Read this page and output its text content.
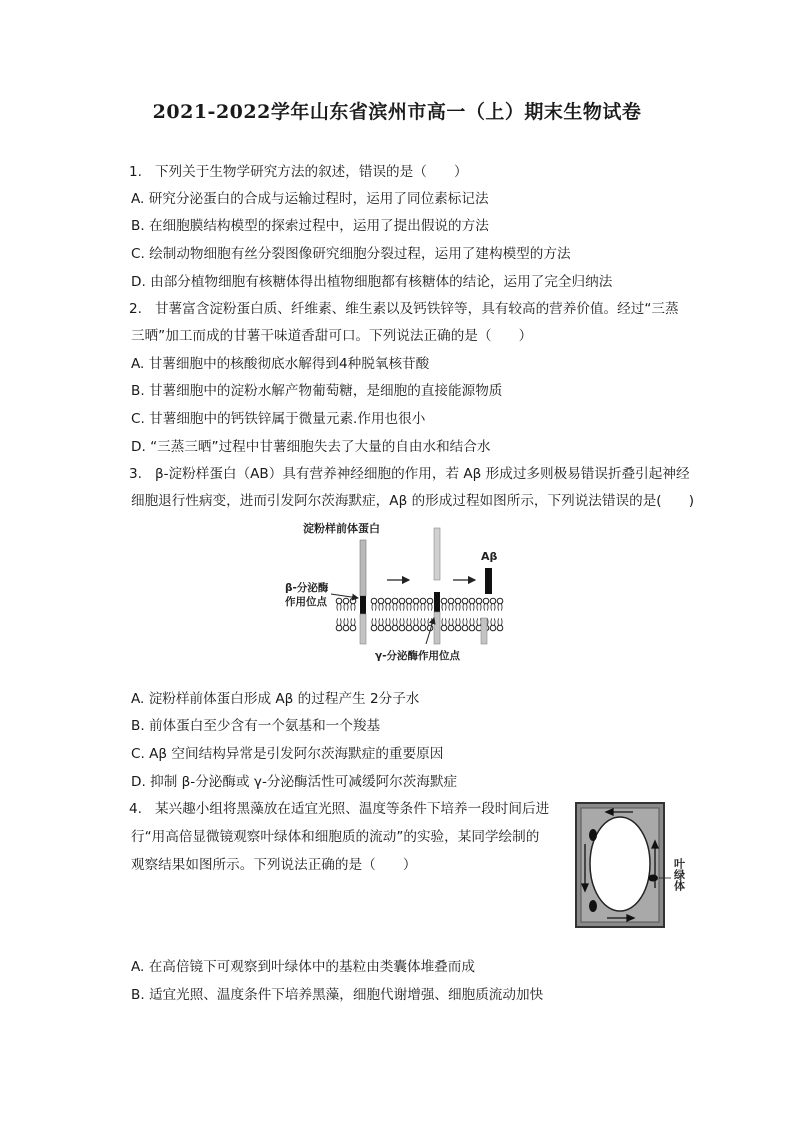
2021-2022学年山东省滨州市高一（上）期末生物试卷
1. 下列关于生物学研究方法的叙述，错误的是（　　）
A. 研究分泌蛋白的合成与运输过程时，运用了同位素标记法
B. 在细胞膜结构模型的探索过程中，运用了提出假说的方法
C. 绘制动物细胞有丝分裂图像研究细胞分裂过程，运用了建构模型的方法
D. 由部分植物细胞有核糖体得出植物细胞都有核糖体的结论，运用了完全归纳法
2. 甘薯富含淀粉蛋白质、纤维素、维生素以及钙铁锌等，具有较高的营养价值。经过“三蒸
三晒”加工而成的甘薯干味道香甜可口。下列说法正确的是（　　）
A. 甘薯细胞中的核酸彻底水解得到4种脱氧核苷酸
B. 甘薯细胞中的淀粉水解产物葡萄糖，是细胞的直接能源物质
C. 甘薯细胞中的钙铁锌属于微量元素.作用也很小
D. “三蒸三晒”过程中甘薯细胞失去了大量的自由水和结合水
3. β-淀粉样蛋白（AB）具有营养神经细胞的作用，若 Aβ 形成过多则极易错误折叠引起神经
细胞退行性病变，进而引发阿尔茨海默症，Aβ 的形成过程如图所示，下列说法错误的是(　　)
淀粉样前体蛋白
β-分泌酶
作用位点
Aβ
γ-分泌酶作用位点
A. 淀粉样前体蛋白形成 Aβ 的过程产生 2分子水
B. 前体蛋白至少含有一个氨基和一个羧基
C. Aβ 空间结构异常是引发阿尔茨海默症的重要原因
D. 抑制 β-分泌酶或 γ-分泌酶活性可减缓阿尔茨海默症
4. 某兴趣小组将黑藻放在适宜光照、温度等条件下培养一段时间后进
行“用高倍显微镜观察叶绿体和细胞质的流动”的实验，某同学绘制的
观察结果如图所示。下列说法正确的是（　　）	叶绿体
A. 在高倍镜下可观察到叶绿体中的基粒由类囊体堆叠而成
B. 适宜光照、温度条件下培养黑藻，细胞代谢增强、细胞质流动加快
